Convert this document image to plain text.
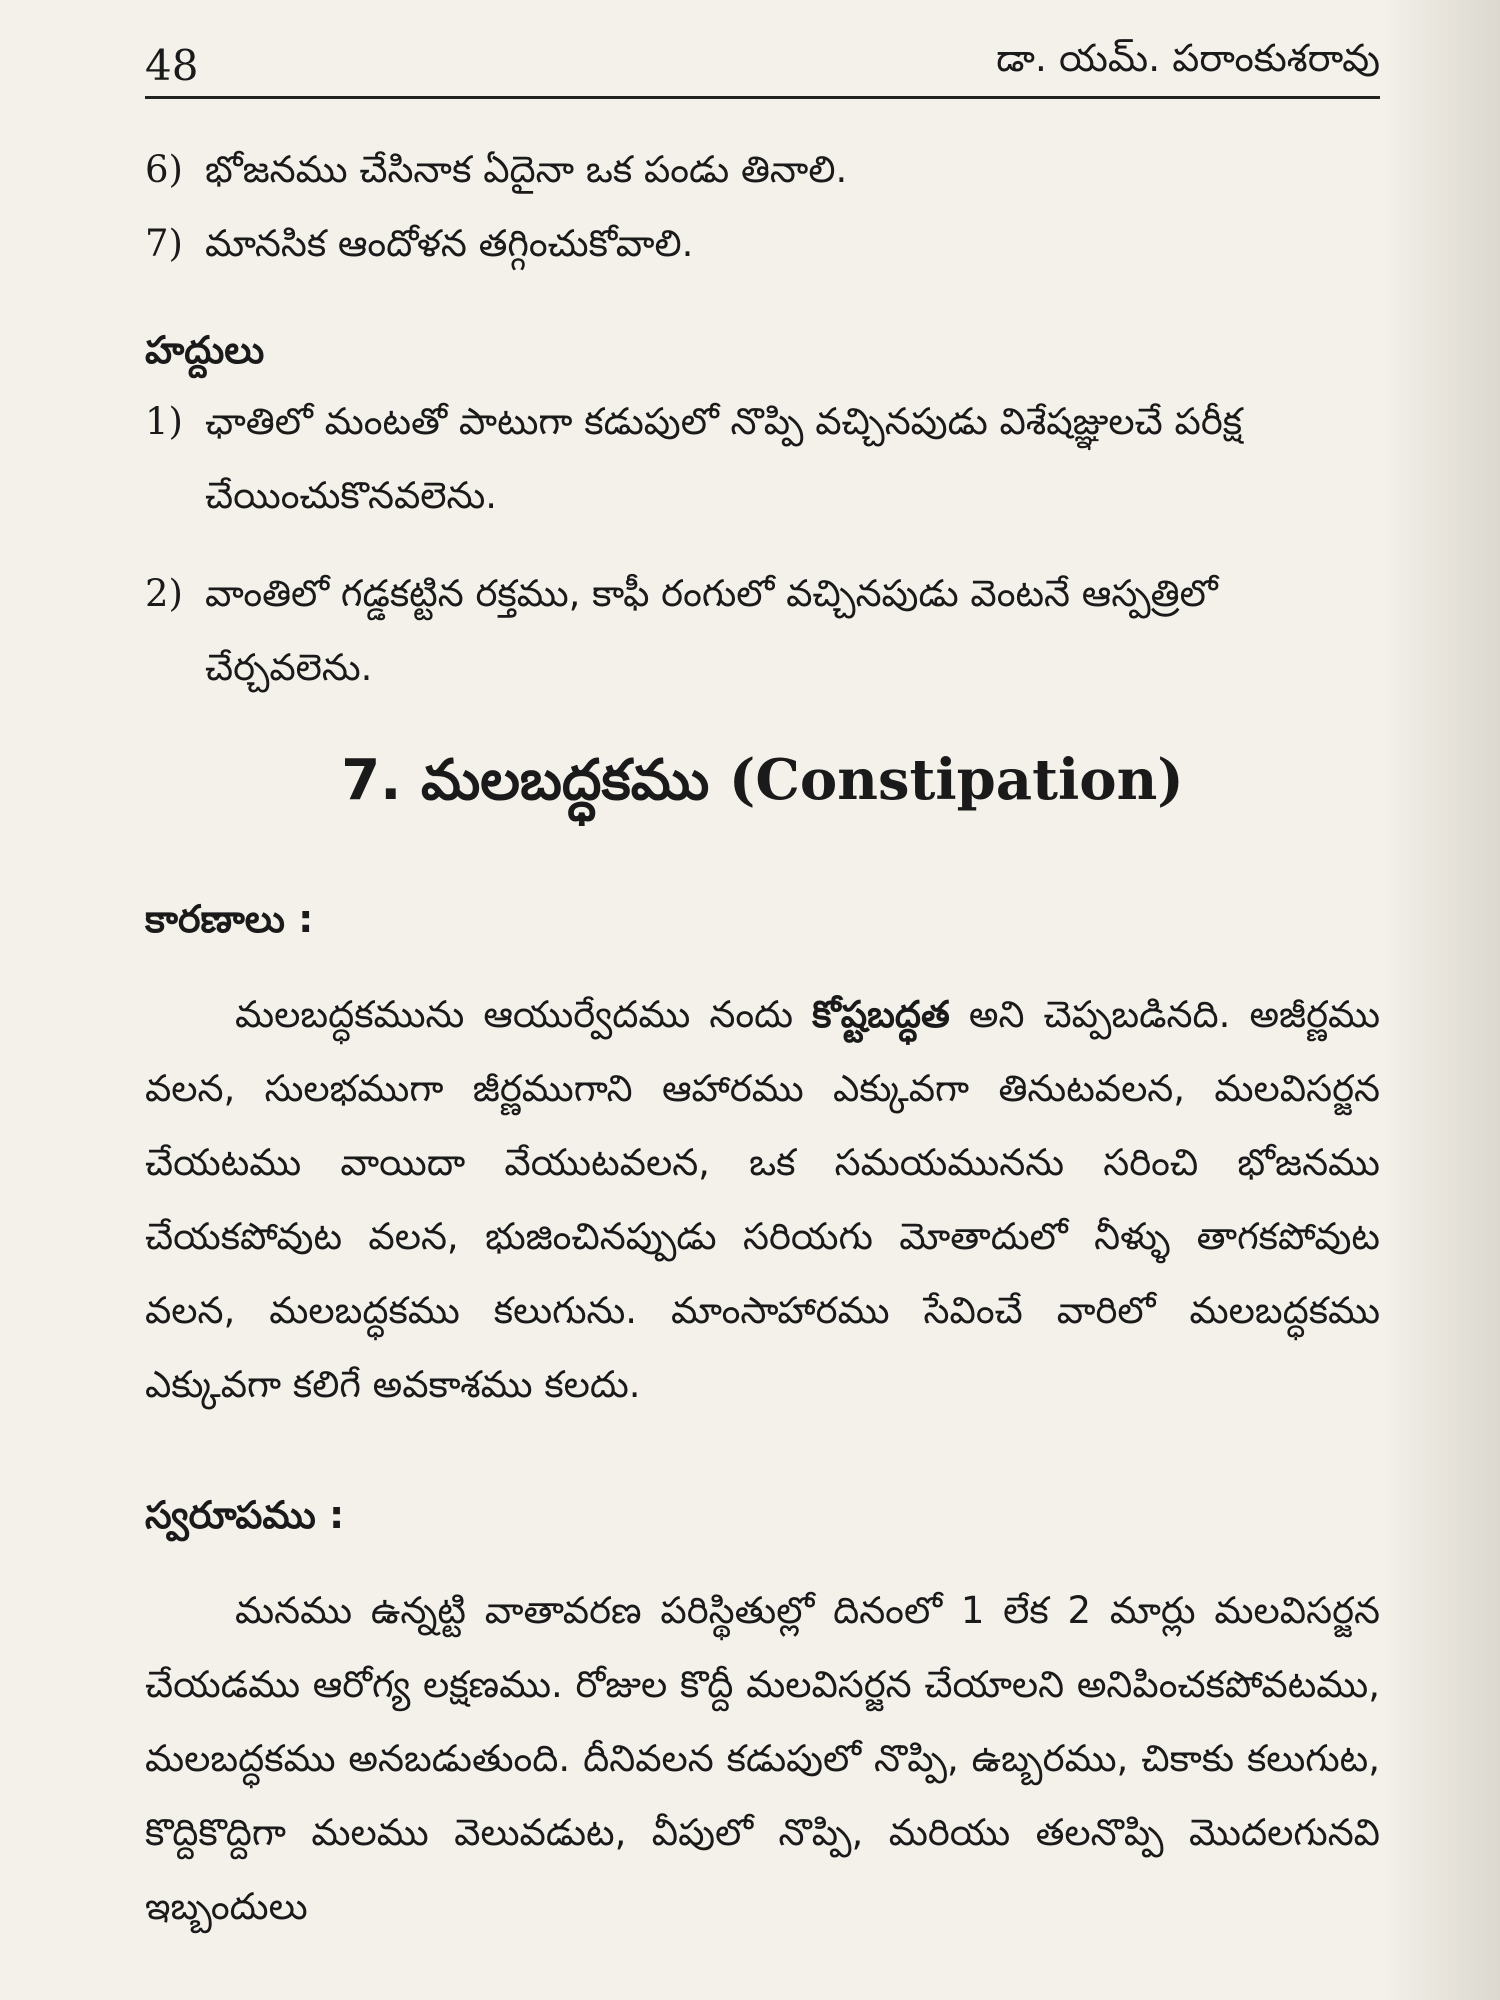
48	డా. యమ్. పరాంకుశరావు
6) భోజనము చేసినాక ఏదైనా ఒక పండు తినాలి.
7) మానసిక ఆందోళన తగ్గించుకోవాలి.
హద్దులు
1) ఛాతిలో మంటతో పాటుగా కడుపులో నొప్పి వచ్చినపుడు విశేషజ్ఞులచే పరీక్ష చేయించుకొనవలెను.
2) వాంతిలో గడ్డకట్టిన రక్తము, కాఫీ రంగులో వచ్చినపుడు వెంటనే ఆస్పత్రిలో చేర్చవలెను.
7. మలబద్ధకము (Constipation)
కారణాలు :

మలబద్ధకమును ఆయుర్వేదము నందు కోష్టబద్ధత అని చెప్పబడినది. అజీర్ణము వలన, సులభముగా జీర్ణముగాని ఆహారము ఎక్కువగా తినుటవలన, మలవిసర్జన చేయటము వాయిదా వేయుటవలన, ఒక సమయమునను సరించి భోజనము చేయకపోవుట వలన, భుజించినప్పుడు సరియగు మోతాదులో నీళ్ళు తాగకపోవుట వలన, మలబద్ధకము కలుగును. మాంసాహారము సేవించే వారిలో మలబద్ధకము ఎక్కువగా కలిగే అవకాశము కలదు.

స్వరూపము :

మనము ఉన్నట్టి వాతావరణ పరిస్థితుల్లో దినంలో 1 లేక 2 మార్లు మలవిసర్జన చేయడము ఆరోగ్య లక్షణము. రోజుల కొద్దీ మలవిసర్జన చేయాలని అనిపించకపోవటము, మలబద్ధకము అనబడుతుంది. దీనివలన కడుపులో నొప్పి, ఉబ్బరము, చికాకు కలుగుట, కొద్దికొద్దిగా మలము వెలువడుట, వీపులో నొప్పి, మరియు తలనొప్పి మొదలగునవి ఇబ్బందులు
